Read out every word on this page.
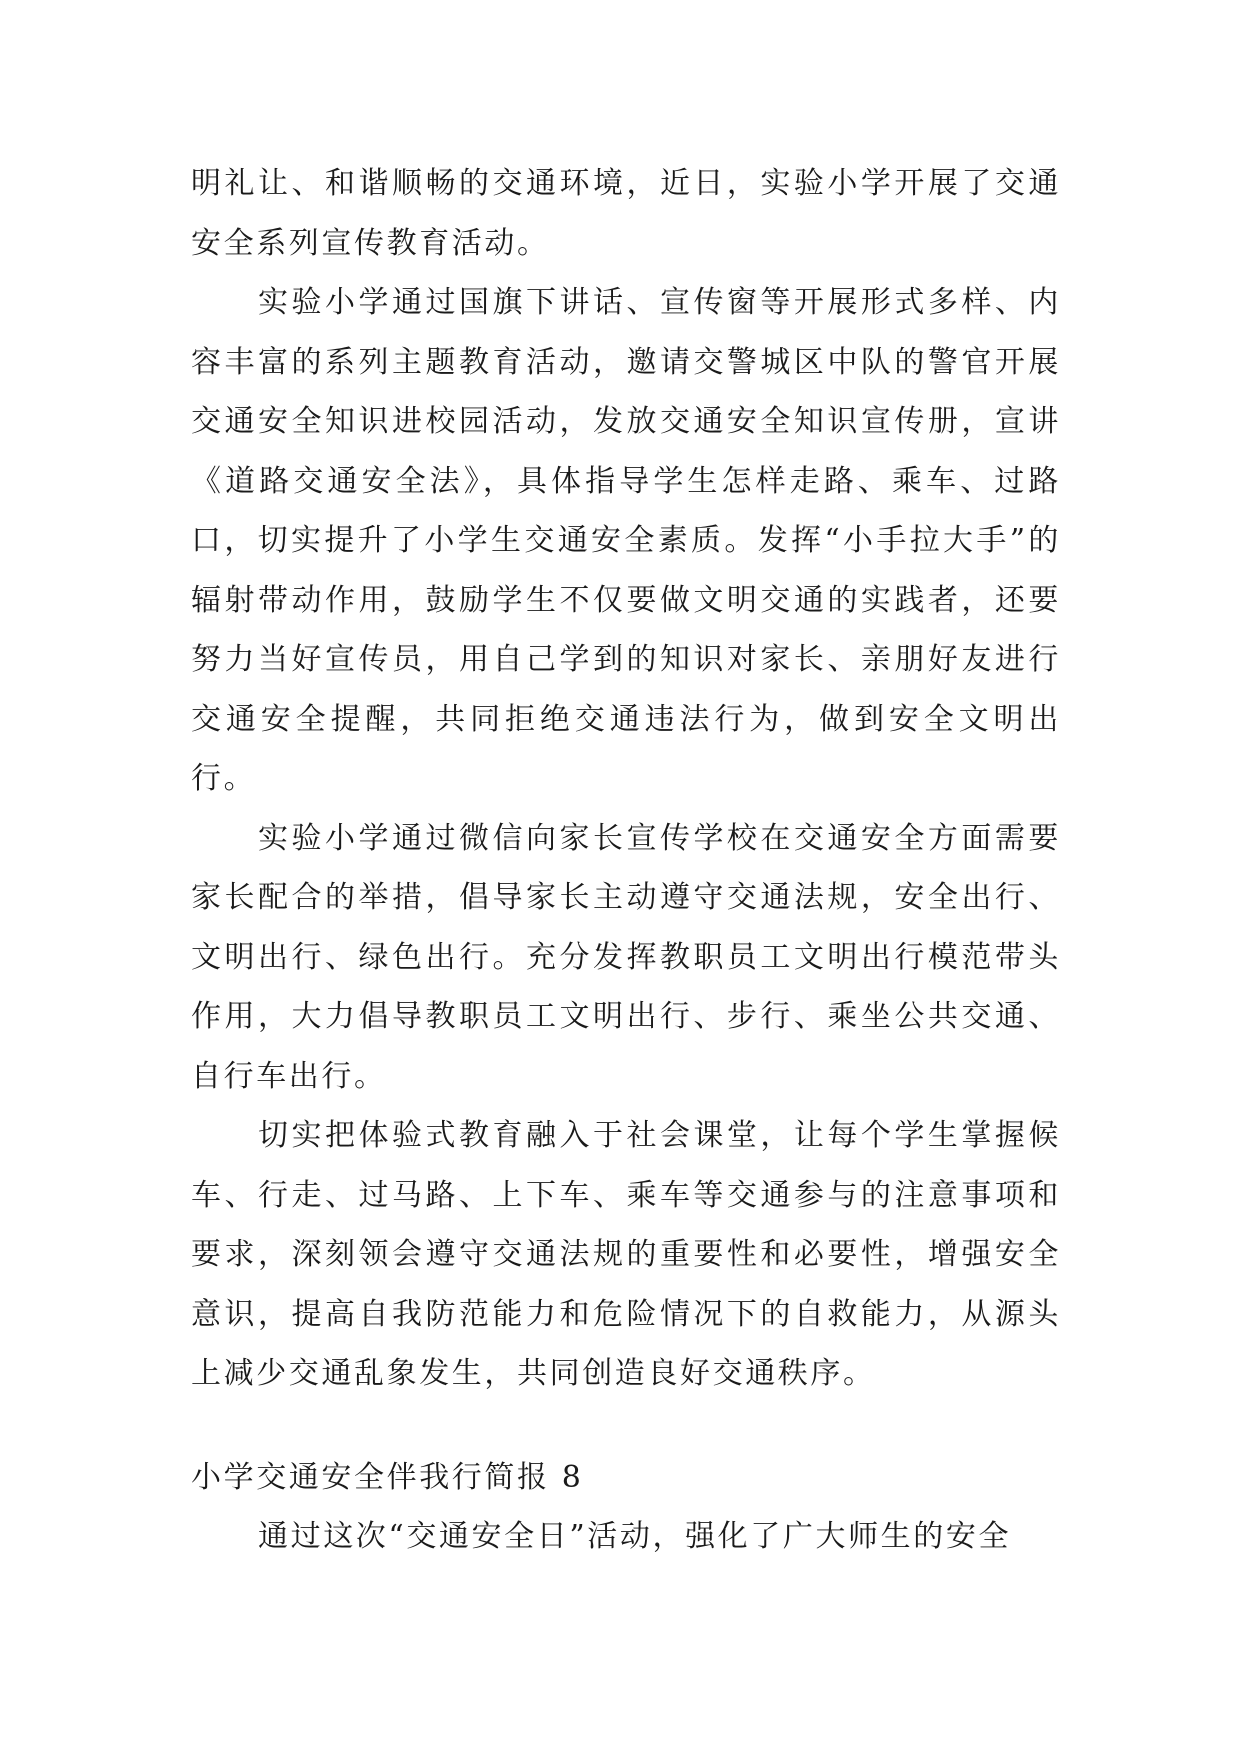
明礼让、和谐顺畅的交通环境，近日，实验小学开展了交通安全系列宣传教育活动。

实验小学通过国旗下讲话、宣传窗等开展形式多样、内容丰富的系列主题教育活动，邀请交警城区中队的警官开展交通安全知识进校园活动，发放交通安全知识宣传册，宣讲《道路交通安全法》，具体指导学生怎样走路、乘车、过路口，切实提升了小学生交通安全素质。发挥“小手拉大手”的辐射带动作用，鼓励学生不仅要做文明交通的实践者，还要努力当好宣传员，用自己学到的知识对家长、亲朋好友进行交通安全提醒，共同拒绝交通违法行为，做到安全文明出行。

实验小学通过微信向家长宣传学校在交通安全方面需要家长配合的举措，倡导家长主动遵守交通法规，安全出行、文明出行、绿色出行。充分发挥教职员工文明出行模范带头作用，大力倡导教职员工文明出行、步行、乘坐公共交通、自行车出行。

切实把体验式教育融入于社会课堂，让每个学生掌握候车、行走、过马路、上下车、乘车等交通参与的注意事项和要求，深刻领会遵守交通法规的重要性和必要性，增强安全意识，提高自我防范能力和危险情况下的自救能力，从源头上减少交通乱象发生，共同创造良好交通秩序。

小学交通安全伴我行简报 8

通过这次“交通安全日”活动，强化了广大师生的安全
